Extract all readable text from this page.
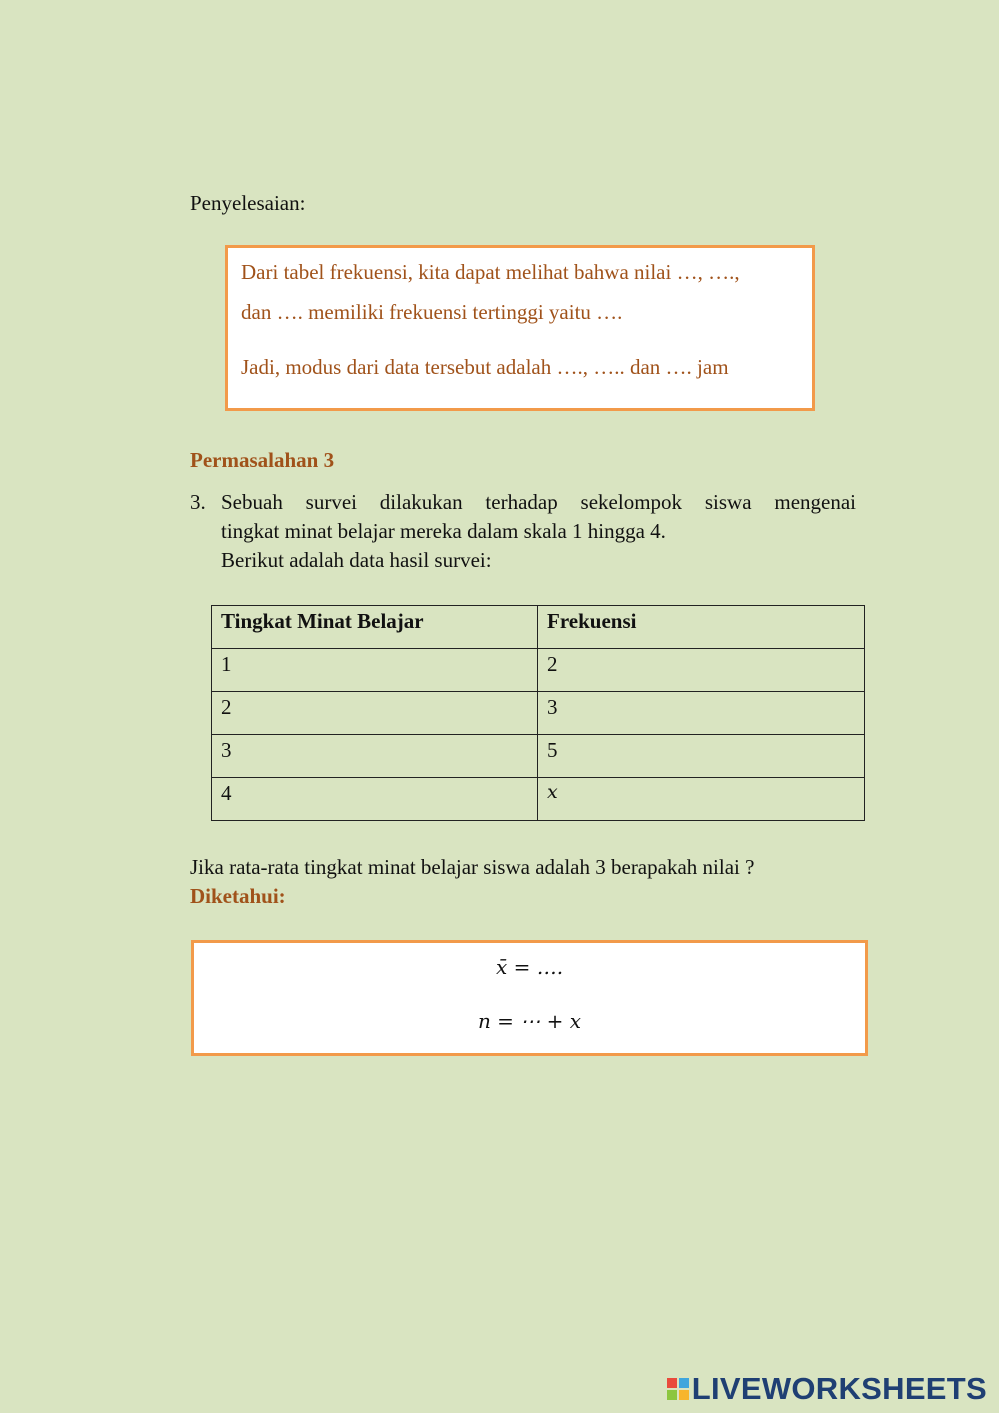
Penyelesaian:
Dari tabel frekuensi, kita dapat melihat bahwa nilai …, ….,
dan …. memiliki frekuensi tertinggi yaitu ….
Jadi, modus dari data tersebut adalah …., ….. dan …. jam
Permasalahan 3
3. Sebuah survei dilakukan terhadap sekelompok siswa mengenai
tingkat minat belajar mereka dalam skala 1 hingga 4.
Berikut adalah data hasil survei:
Tingkat Minat Belajar	Frekuensi
1	2
2	3
3	5
4	𝑥
Jika rata-rata tingkat minat belajar siswa adalah 3 berapakah nilai ?
Diketahui:
x̄ = ….
n = ⋯ + x
LIVEWORKSHEETS
